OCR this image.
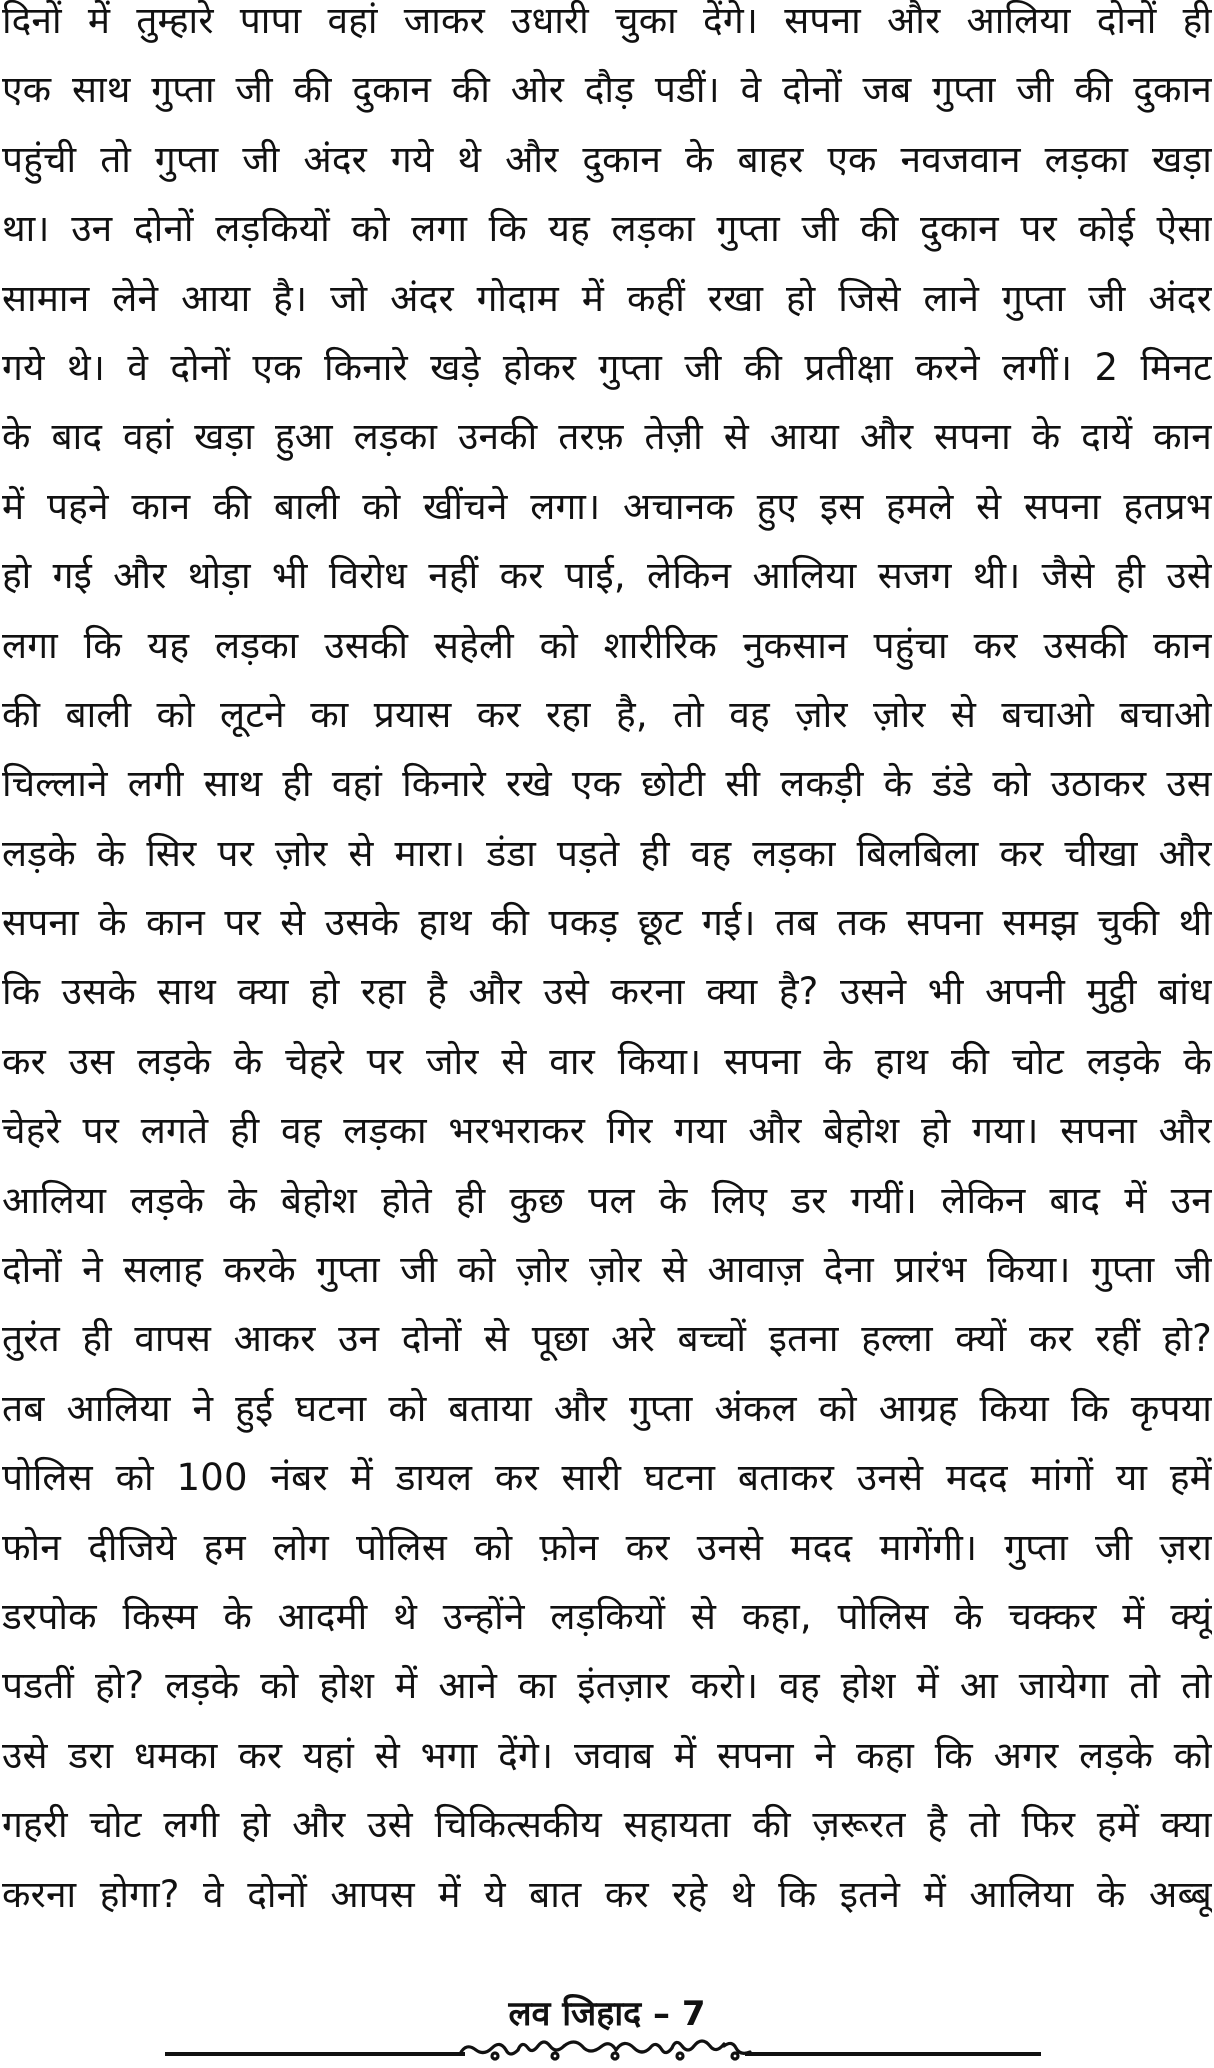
दिनों में तुम्हारे पापा वहां जाकर उधारी चुका देंगे। सपना और आलिया दोनों ही
एक साथ गुप्ता जी की दुकान की ओर दौड़ पडीं। वे दोनों जब गुप्ता जी की दुकान
पहुंची तो गुप्ता जी अंदर गये थे और दुकान के बाहर एक नवजवान लड़का खड़ा
था। उन दोनों लड़कियों को लगा कि यह लड़का गुप्ता जी की दुकान पर कोई ऐसा
सामान लेने आया है। जो अंदर गोदाम में कहीं रखा हो जिसे लाने गुप्ता जी अंदर
गये थे। वे दोनों एक किनारे खड़े होकर गुप्ता जी की प्रतीक्षा करने लगीं। 2 मिनट
के बाद वहां खड़ा हुआ लड़का उनकी तरफ़ तेज़ी से आया और सपना के दायें कान
में पहने कान की बाली को खींचने लगा। अचानक हुए इस हमले से सपना हतप्रभ
हो गई और थोड़ा भी विरोध नहीं कर पाई, लेकिन आलिया सजग थी। जैसे ही उसे
लगा कि यह लड़का उसकी सहेली को शारीरिक नुकसान पहुंचा कर उसकी कान
की बाली को लूटने का प्रयास कर रहा है, तो वह ज़ोर ज़ोर से बचाओ बचाओ
चिल्लाने लगी साथ ही वहां किनारे रखे एक छोटी सी लकड़ी के डंडे को उठाकर उस
लड़के के सिर पर ज़ोर से मारा। डंडा पड़ते ही वह लड़का बिलबिला कर चीखा और
सपना के कान पर से उसके हाथ की पकड़ छूट गई। तब तक सपना समझ चुकी थी
कि उसके साथ क्या हो रहा है और उसे करना क्या है? उसने भी अपनी मुट्ठी बांध
कर उस लड़के के चेहरे पर जोर से वार किया। सपना के हाथ की चोट लड़के के
चेहरे पर लगते ही वह लड़का भरभराकर गिर गया और बेहोश हो गया। सपना और
आलिया लड़के के बेहोश होते ही कुछ पल के लिए डर गयीं। लेकिन बाद में उन
दोनों ने सलाह करके गुप्ता जी को ज़ोर ज़ोर से आवाज़ देना प्रारंभ किया। गुप्ता जी
तुरंत ही वापस आकर उन दोनों से पूछा अरे बच्चों इतना हल्ला क्यों कर रहीं हो?
तब आलिया ने हुई घटना को बताया और गुप्ता अंकल को आग्रह किया कि कृपया
पोलिस को 100 नंबर में डायल कर सारी घटना बताकर उनसे मदद मांगों या हमें
फोन दीजिये हम लोग पोलिस को फ़ोन कर उनसे मदद मागेंगी। गुप्ता जी ज़रा
डरपोक किस्म के आदमी थे उन्होंने लड़कियों से कहा, पोलिस के चक्कर में क्यूं
पडतीं हो? लड़के को होश में आने का इंतज़ार करो। वह होश में आ जायेगा तो तो
उसे डरा धमका कर यहां से भगा देंगे। जवाब में सपना ने कहा कि अगर लड़के को
गहरी चोट लगी हो और उसे चिकित्सकीय सहायता की ज़रूरत है तो फिर हमें क्या
करना होगा? वे दोनों आपस में ये बात कर रहे थे कि इतने में आलिया के अब्बू
लव जिहाद – 7
